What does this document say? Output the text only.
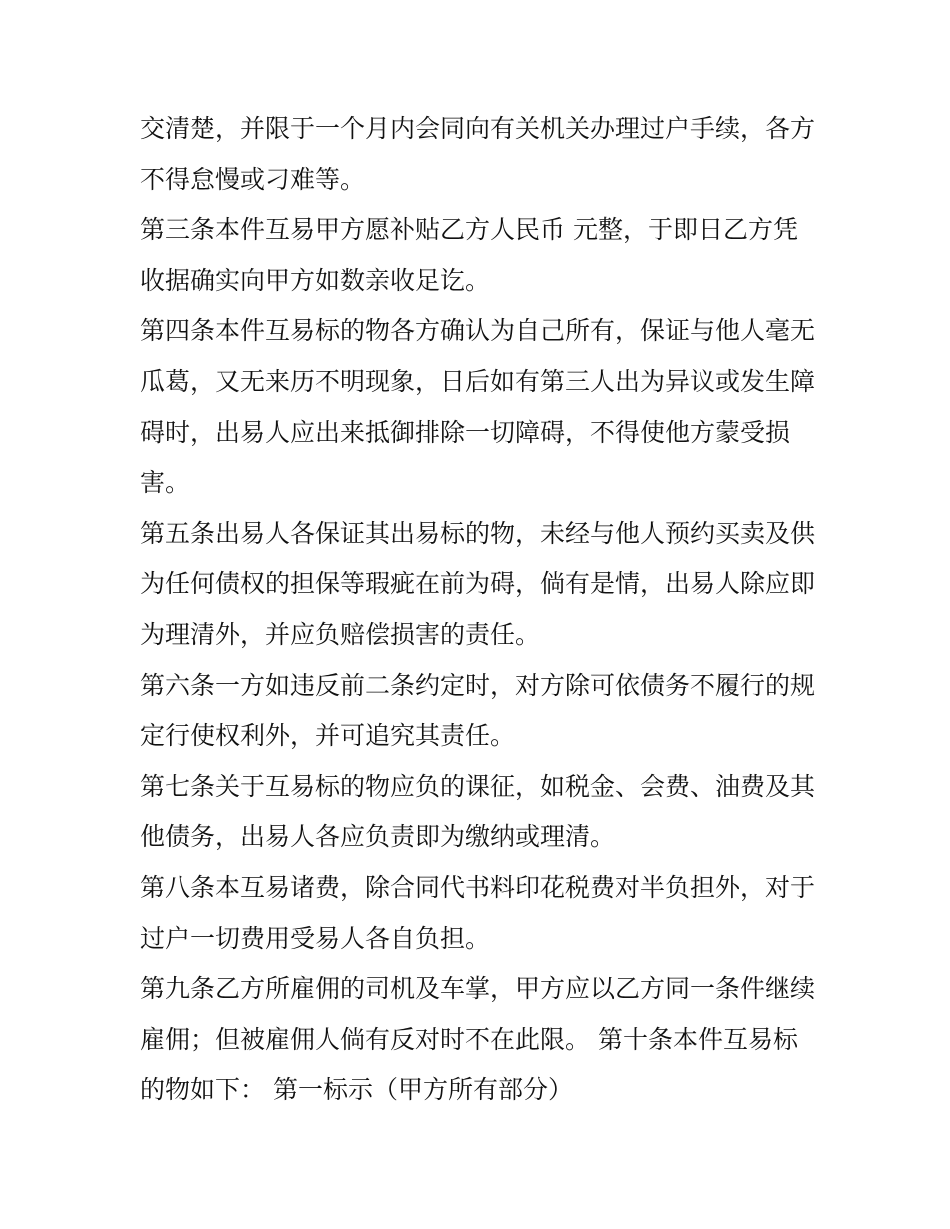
交清楚，并限于一个月内会同向有关机关办理过户手续，各方
不得怠慢或刁难等。
第三条本件互易甲方愿补贴乙方人民币 元整，于即日乙方凭
收据确实向甲方如数亲收足讫。
第四条本件互易标的物各方确认为自己所有，保证与他人毫无
瓜葛，又无来历不明现象，日后如有第三人出为异议或发生障
碍时，出易人应出来抵御排除一切障碍，不得使他方蒙受损
害。
第五条出易人各保证其出易标的物，未经与他人预约买卖及供
为任何债权的担保等瑕疵在前为碍，倘有是情，出易人除应即
为理清外，并应负赔偿损害的责任。
第六条一方如违反前二条约定时，对方除可依债务不履行的规
定行使权利外，并可追究其责任。
第七条关于互易标的物应负的课征，如税金、会费、油费及其
他债务，出易人各应负责即为缴纳或理清。
第八条本互易诸费，除合同代书料印花税费对半负担外，对于
过户一切费用受易人各自负担。
第九条乙方所雇佣的司机及车掌，甲方应以乙方同一条件继续
雇佣；但被雇佣人倘有反对时不在此限。 第十条本件互易标
的物如下： 第一标示（甲方所有部分）
